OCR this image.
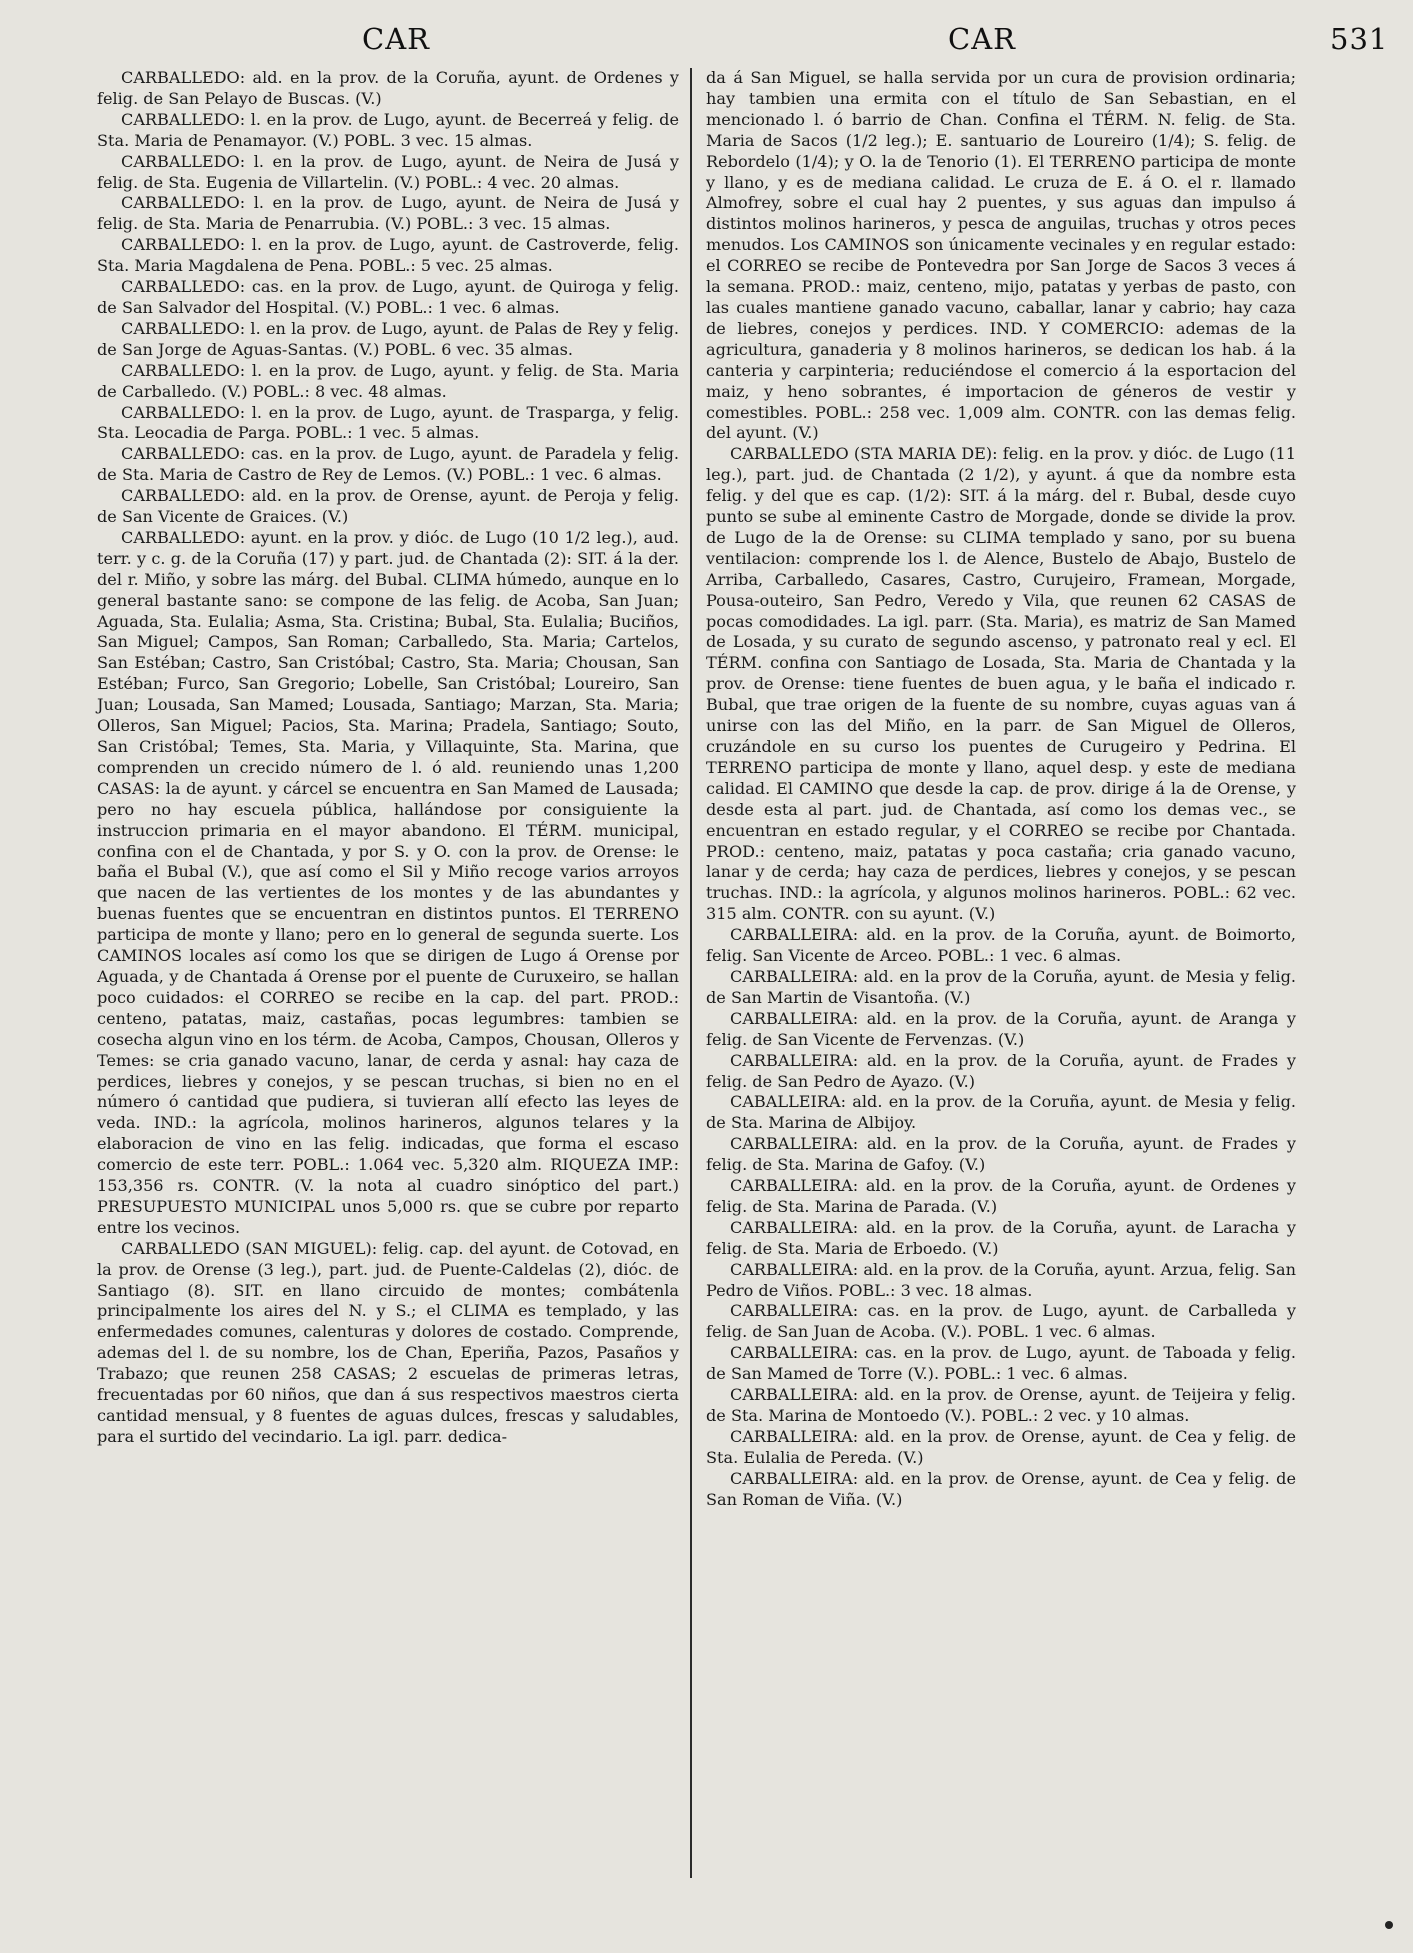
CAR	CAR	531

CARBALLEDO: ald. en la prov. de la Coruña, ayunt. de Ordenes y felig. de San Pelayo de Buscas. (V.)

CARBALLEDO: l. en la prov. de Lugo, ayunt. de Becerreá y felig. de Sta. Maria de Penamayor. (V.) POBL. 3 vec. 15 almas.

CARBALLEDO: l. en la prov. de Lugo, ayunt. de Neira de Jusá y felig. de Sta. Eugenia de Villartelin. (V.) POBL.: 4 vec. 20 almas.

CARBALLEDO: l. en la prov. de Lugo, ayunt. de Neira de Jusá y felig. de Sta. Maria de Penarrubia. (V.) POBL.: 3 vec. 15 almas.

CARBALLEDO: l. en la prov. de Lugo, ayunt. de Castroverde, felig. Sta. Maria Magdalena de Pena. POBL.: 5 vec. 25 almas.

CARBALLEDO: cas. en la prov. de Lugo, ayunt. de Quiroga y felig. de San Salvador del Hospital. (V.) POBL.: 1 vec. 6 almas.

CARBALLEDO: l. en la prov. de Lugo, ayunt. de Palas de Rey y felig. de San Jorge de Aguas-Santas. (V.) POBL. 6 vec. 35 almas.

CARBALLEDO: l. en la prov. de Lugo, ayunt. y felig. de Sta. Maria de Carballedo. (V.) POBL.: 8 vec. 48 almas.

CARBALLEDO: l. en la prov. de Lugo, ayunt. de Trasparga, y felig. Sta. Leocadia de Parga. POBL.: 1 vec. 5 almas.

CARBALLEDO: cas. en la prov. de Lugo, ayunt. de Paradela y felig. de Sta. Maria de Castro de Rey de Lemos. (V.) POBL.: 1 vec. 6 almas.

CARBALLEDO: ald. en la prov. de Orense, ayunt. de Peroja y felig. de San Vicente de Graices. (V.)

CARBALLEDO: ayunt. en la prov. y dióc. de Lugo (10 1/2 leg.), aud. terr. y c. g. de la Coruña (17) y part. jud. de Chantada (2): SIT. á la der. del r. Miño, y sobre las márg. del Bubal. CLIMA húmedo, aunque en lo general bastante sano: se compone de las felig. de Acoba, San Juan; Aguada, Sta. Eulalia; Asma, Sta. Cristina; Bubal, Sta. Eulalia; Buciños, San Miguel; Campos, San Roman; Carballedo, Sta. Maria; Cartelos, San Estéban; Castro, San Cristóbal; Castro, Sta. Maria; Chousan, San Estéban; Furco, San Gregorio; Lobelle, San Cristóbal; Loureiro, San Juan; Lousada, San Mamed; Lousada, Santiago; Marzan, Sta. Maria; Olleros, San Miguel; Pacios, Sta. Marina; Pradela, Santiago; Souto, San Cristóbal; Temes, Sta. Maria, y Villaquinte, Sta. Marina, que comprenden un crecido número de l. ó ald. reuniendo unas 1,200 CASAS: la de ayunt. y cárcel se encuentra en San Mamed de Lausada; pero no hay escuela pública, hallándose por consiguiente la instruccion primaria en el mayor abandono. El TÉRM. municipal, confina con el de Chantada, y por S. y O. con la prov. de Orense: le baña el Bubal (V.), que así como el Sil y Miño recoge varios arroyos que nacen de las vertientes de los montes y de las abundantes y buenas fuentes que se encuentran en distintos puntos. El TERRENO participa de monte y llano; pero en lo general de segunda suerte. Los CAMINOS locales así como los que se dirigen de Lugo á Orense por Aguada, y de Chantada á Orense por el puente de Curuxeiro, se hallan poco cuidados: el CORREO se recibe en la cap. del part. PROD.: centeno, patatas, maiz, castañas, pocas legumbres: tambien se cosecha algun vino en los térm. de Acoba, Campos, Chousan, Olleros y Temes: se cria ganado vacuno, lanar, de cerda y asnal: hay caza de perdices, liebres y conejos, y se pescan truchas, si bien no en el número ó cantidad que pudiera, si tuvieran allí efecto las leyes de veda. IND.: la agrícola, molinos harineros, algunos telares y la elaboracion de vino en las felig. indicadas, que forma el escaso comercio de este terr. POBL.: 1.064 vec. 5,320 alm. RIQUEZA IMP.: 153,356 rs. CONTR. (V. la nota al cuadro sinóptico del part.) PRESUPUESTO MUNICIPAL unos 5,000 rs. que se cubre por reparto entre los vecinos.

CARBALLEDO (SAN MIGUEL): felig. cap. del ayunt. de Cotovad, en la prov. de Orense (3 leg.), part. jud. de Puente-Caldelas (2), dióc. de Santiago (8). SIT. en llano circuido de montes; combátenla principalmente los aires del N. y S.; el CLIMA es templado, y las enfermedades comunes, calenturas y dolores de costado. Comprende, ademas del l. de su nombre, los de Chan, Eperiña, Pazos, Pasaños y Trabazo; que reunen 258 CASAS; 2 escuelas de primeras letras, frecuentadas por 60 niños, que dan á sus respectivos maestros cierta cantidad mensual, y 8 fuentes de aguas dulces, frescas y saludables, para el surtido del vecindario. La igl. parr. dedica-

da á San Miguel, se halla servida por un cura de provision ordinaria; hay tambien una ermita con el título de San Sebastian, en el mencionado l. ó barrio de Chan. Confina el TÉRM. N. felig. de Sta. Maria de Sacos (1/2 leg.); E. santuario de Loureiro (1/4); S. felig. de Rebordelo (1/4); y O. la de Tenorio (1). El TERRENO participa de monte y llano, y es de mediana calidad. Le cruza de E. á O. el r. llamado Almofrey, sobre el cual hay 2 puentes, y sus aguas dan impulso á distintos molinos harineros, y pesca de anguilas, truchas y otros peces menudos. Los CAMINOS son únicamente vecinales y en regular estado: el CORREO se recibe de Pontevedra por San Jorge de Sacos 3 veces á la semana. PROD.: maiz, centeno, mijo, patatas y yerbas de pasto, con las cuales mantiene ganado vacuno, caballar, lanar y cabrio; hay caza de liebres, conejos y perdices. IND. Y COMERCIO: ademas de la agricultura, ganaderia y 8 molinos harineros, se dedican los hab. á la canteria y carpinteria; reduciéndose el comercio á la esportacion del maiz, y heno sobrantes, é importacion de géneros de vestir y comestibles. POBL.: 258 vec. 1,009 alm. CONTR. con las demas felig. del ayunt. (V.)

CARBALLEDO (STA MARIA DE): felig. en la prov. y dióc. de Lugo (11 leg.), part. jud. de Chantada (2 1/2), y ayunt. á que da nombre esta felig. y del que es cap. (1/2): SIT. á la márg. del r. Bubal, desde cuyo punto se sube al eminente Castro de Morgade, donde se divide la prov. de Lugo de la de Orense: su CLIMA templado y sano, por su buena ventilacion: comprende los l. de Alence, Bustelo de Abajo, Bustelo de Arriba, Carballedo, Casares, Castro, Curujeiro, Framean, Morgade, Pousa-outeiro, San Pedro, Veredo y Vila, que reunen 62 CASAS de pocas comodidades. La igl. parr. (Sta. Maria), es matriz de San Mamed de Losada, y su curato de segundo ascenso, y patronato real y ecl. El TÉRM. confina con Santiago de Losada, Sta. Maria de Chantada y la prov. de Orense: tiene fuentes de buen agua, y le baña el indicado r. Bubal, que trae origen de la fuente de su nombre, cuyas aguas van á unirse con las del Miño, en la parr. de San Miguel de Olleros, cruzándole en su curso los puentes de Curugeiro y Pedrina. El TERRENO participa de monte y llano, aquel desp. y este de mediana calidad. El CAMINO que desde la cap. de prov. dirige á la de Orense, y desde esta al part. jud. de Chantada, así como los demas vec., se encuentran en estado regular, y el CORREO se recibe por Chantada. PROD.: centeno, maiz, patatas y poca castaña; cria ganado vacuno, lanar y de cerda; hay caza de perdices, liebres y conejos, y se pescan truchas. IND.: la agrícola, y algunos molinos harineros. POBL.: 62 vec. 315 alm. CONTR. con su ayunt. (V.)

CARBALLEIRA: ald. en la prov. de la Coruña, ayunt. de Boimorto, felig. San Vicente de Arceo. POBL.: 1 vec. 6 almas.

CARBALLEIRA: ald. en la prov de la Coruña, ayunt. de Mesia y felig. de San Martin de Visantoña. (V.)

CARBALLEIRA: ald. en la prov. de la Coruña, ayunt. de Aranga y felig. de San Vicente de Fervenzas. (V.)

CARBALLEIRA: ald. en la prov. de la Coruña, ayunt. de Frades y felig. de San Pedro de Ayazo. (V.)

CABALLEIRA: ald. en la prov. de la Coruña, ayunt. de Mesia y felig. de Sta. Marina de Albijoy.

CARBALLEIRA: ald. en la prov. de la Coruña, ayunt. de Frades y felig. de Sta. Marina de Gafoy. (V.)

CARBALLEIRA: ald. en la prov. de la Coruña, ayunt. de Ordenes y felig. de Sta. Marina de Parada. (V.)

CARBALLEIRA: ald. en la prov. de la Coruña, ayunt. de Laracha y felig. de Sta. Maria de Erboedo. (V.)

CARBALLEIRA: ald. en la prov. de la Coruña, ayunt. Arzua, felig. San Pedro de Viños. POBL.: 3 vec. 18 almas.

CARBALLEIRA: cas. en la prov. de Lugo, ayunt. de Carballeda y felig. de San Juan de Acoba. (V.). POBL. 1 vec. 6 almas.

CARBALLEIRA: cas. en la prov. de Lugo, ayunt. de Taboada y felig. de San Mamed de Torre (V.). POBL.: 1 vec. 6 almas.

CARBALLEIRA: ald. en la prov. de Orense, ayunt. de Teijeira y felig. de Sta. Marina de Montoedo (V.). POBL.: 2 vec. y 10 almas.

CARBALLEIRA: ald. en la prov. de Orense, ayunt. de Cea y felig. de Sta. Eulalia de Pereda. (V.)

CARBALLEIRA: ald. en la prov. de Orense, ayunt. de Cea y felig. de San Roman de Viña. (V.)
